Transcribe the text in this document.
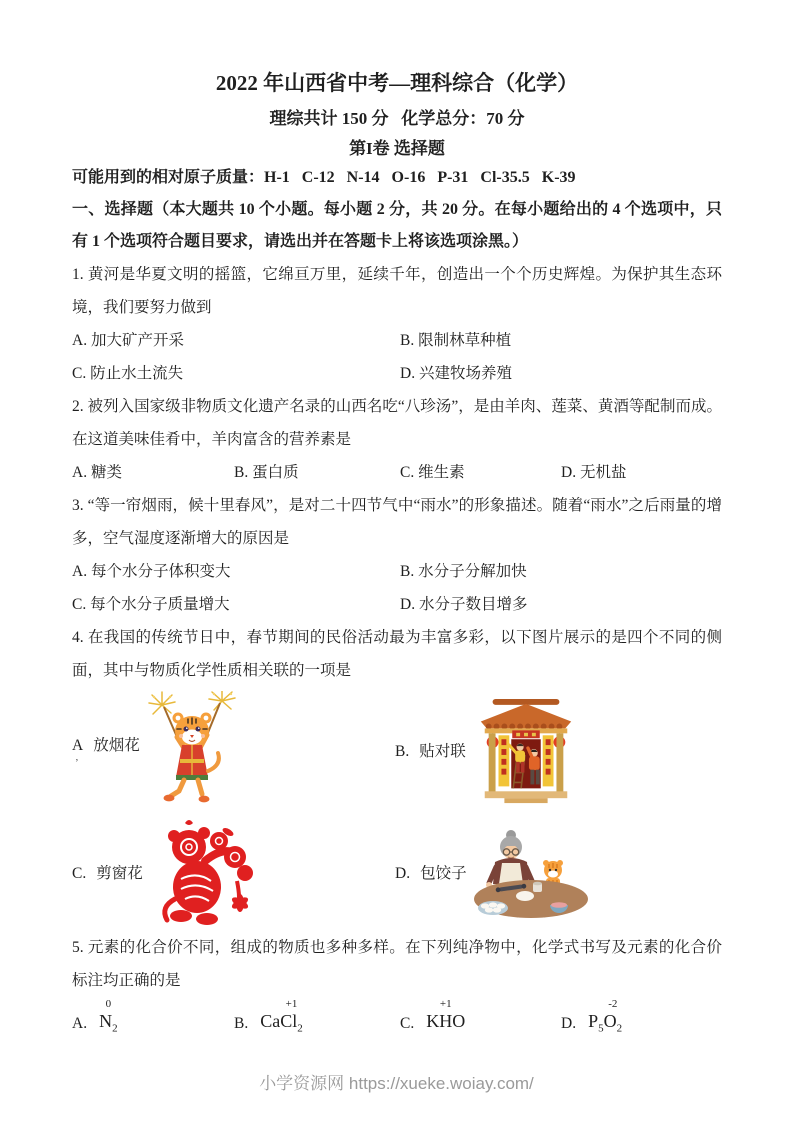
2022 年山西省中考—理科综合（化学）

理综共计 150 分   化学总分：70 分

第I卷 选择题

可能用到的相对原子质量：H-1   C-12   N-14   O-16   P-31   Cl-35.5   K-39

一、选择题（本大题共 10 个小题。每小题 2 分，共 20 分。在每小题给出的 4 个选项中，只有 1 个选项符合题目要求，请选出并在答题卡上将该选项涂黑。）

1. 黄河是华夏文明的摇篮，它绵亘万里，延续千年，创造出一个个历史辉煌。为保护其生态环境，我们要努力做到

A. 加大矿产开采	B. 限制林草种植
C. 防止水土流失	D. 兴建牧场养殖

2. 被列入国家级非物质文化遗产名录的山西名吃“八珍汤”，是由羊肉、莲菜、黄酒等配制而成。在这道美味佳肴中，羊肉富含的营养素是

A. 糖类	B. 蛋白质	C. 维生素	D. 无机盐

3. “等一帘烟雨，候十里春风”，是对二十四节气中“雨水”的形象描述。随着“雨水”之后雨量的增多，空气湿度逐渐增大的原因是

A. 每个水分子体积变大	B. 水分子分解加快
C. 每个水分子质量增大	D. 水分子数目增多

4. 在我国的传统节日中，春节期间的民俗活动最为丰富多彩，以下图片展示的是四个不同的侧面，其中与物质化学性质相关联的一项是

A 放烟花
’
B. 贴对联
C. 剪窗花	D. 包饺子

5. 元素的化合价不同，组成的物质也多种多样。在下列纯净物中，化学式书写及元素的化合价标注均正确的是

A.
0
$N_2$	B. Ca
+1
$Cl_2$	C. K
+1
H O	D. $P_5$
-2
$O_2$
小学资源网 https://xueke.woiay.com/
